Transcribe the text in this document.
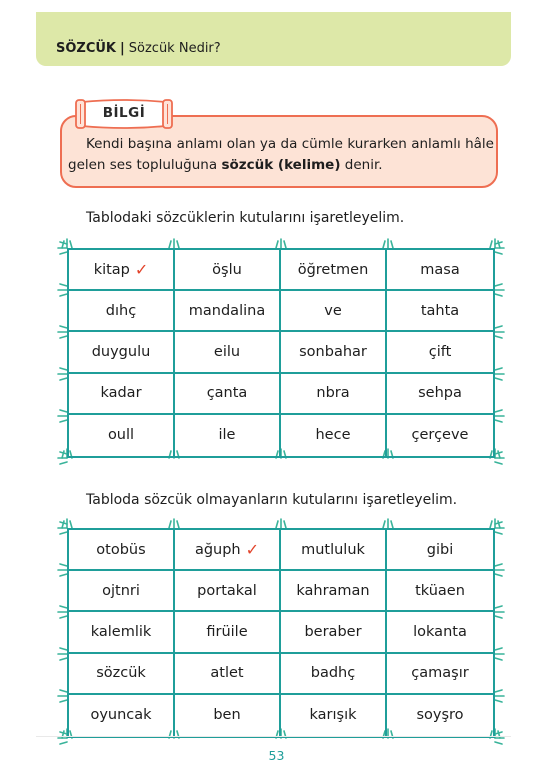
SÖZCÜK | Sözcük Nedir?

Kendi başına anlamı olan ya da cümle kurarken anlamlı hâle gelen ses topluluğuna sözcük (kelime) denir.

BİLGİ
Tablodaki sözcüklerin kutularını işaretleyelim.
kitap ✓	öşlu	öğretmen	masa
dıhç	mandalina	ve	tahta
duygulu	eilu	sonbahar	çift
kadar	çanta	nbra	sehpa
oull	ile	hece	çerçeve
Tabloda sözcük olmayanların kutularını işaretleyelim.
otobüs	ağuph ✓	mutluluk	gibi
ojtnri	portakal	kahraman	tküaen
kalemlik	firüile	beraber	lokanta
sözcük	atlet	badhç	çamaşır
oyuncak	ben	karışık	soyşro
53
